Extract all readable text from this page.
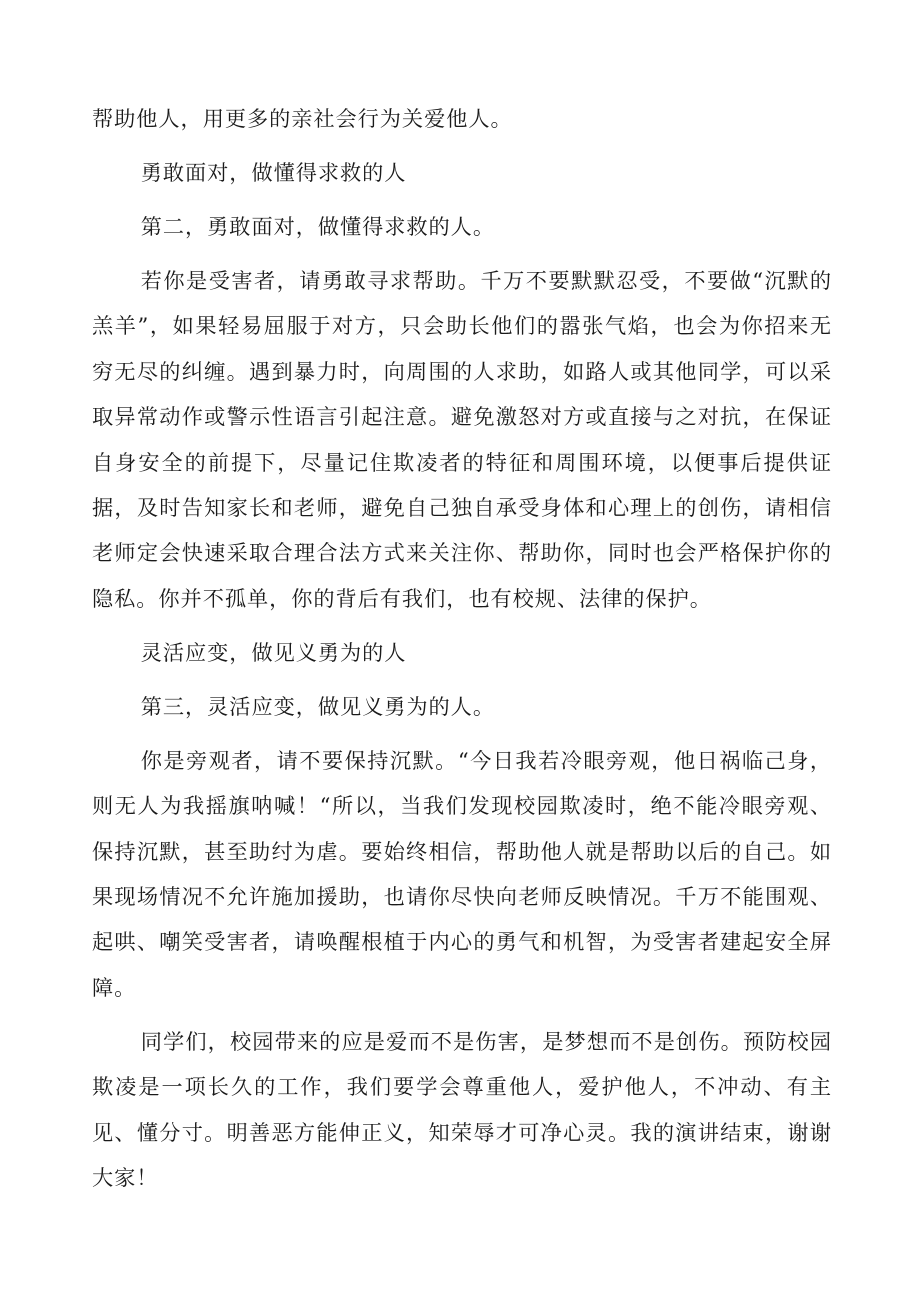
帮助他人，用更多的亲社会行为关爱他人。

勇敢面对，做懂得求救的人

第二，勇敢面对，做懂得求救的人。

若你是受害者，请勇敢寻求帮助。千万不要默默忍受，不要做“沉默的羔羊”，如果轻易屈服于对方，只会助长他们的嚣张气焰，也会为你招来无穷无尽的纠缠。遇到暴力时，向周围的人求助，如路人或其他同学，可以采取异常动作或警示性语言引起注意。避免激怒对方或直接与之对抗，在保证自身安全的前提下，尽量记住欺凌者的特征和周围环境，以便事后提供证据，及时告知家长和老师，避免自己独自承受身体和心理上的创伤，请相信老师定会快速采取合理合法方式来关注你、帮助你，同时也会严格保护你的隐私。你并不孤单，你的背后有我们，也有校规、法律的保护。

灵活应变，做见义勇为的人

第三，灵活应变，做见义勇为的人。

你是旁观者，请不要保持沉默。“今日我若冷眼旁观，他日祸临己身，则无人为我摇旗呐喊！“所以，当我们发现校园欺凌时，绝不能冷眼旁观、保持沉默，甚至助纣为虐。要始终相信，帮助他人就是帮助以后的自己。如果现场情况不允许施加援助，也请你尽快向老师反映情况。千万不能围观、起哄、嘲笑受害者，请唤醒根植于内心的勇气和机智，为受害者建起安全屏障。

同学们，校园带来的应是爱而不是伤害，是梦想而不是创伤。预防校园欺凌是一项长久的工作，我们要学会尊重他人，爱护他人，不冲动、有主见、懂分寸。明善恶方能伸正义，知荣辱才可净心灵。我的演讲结束，谢谢大家！
